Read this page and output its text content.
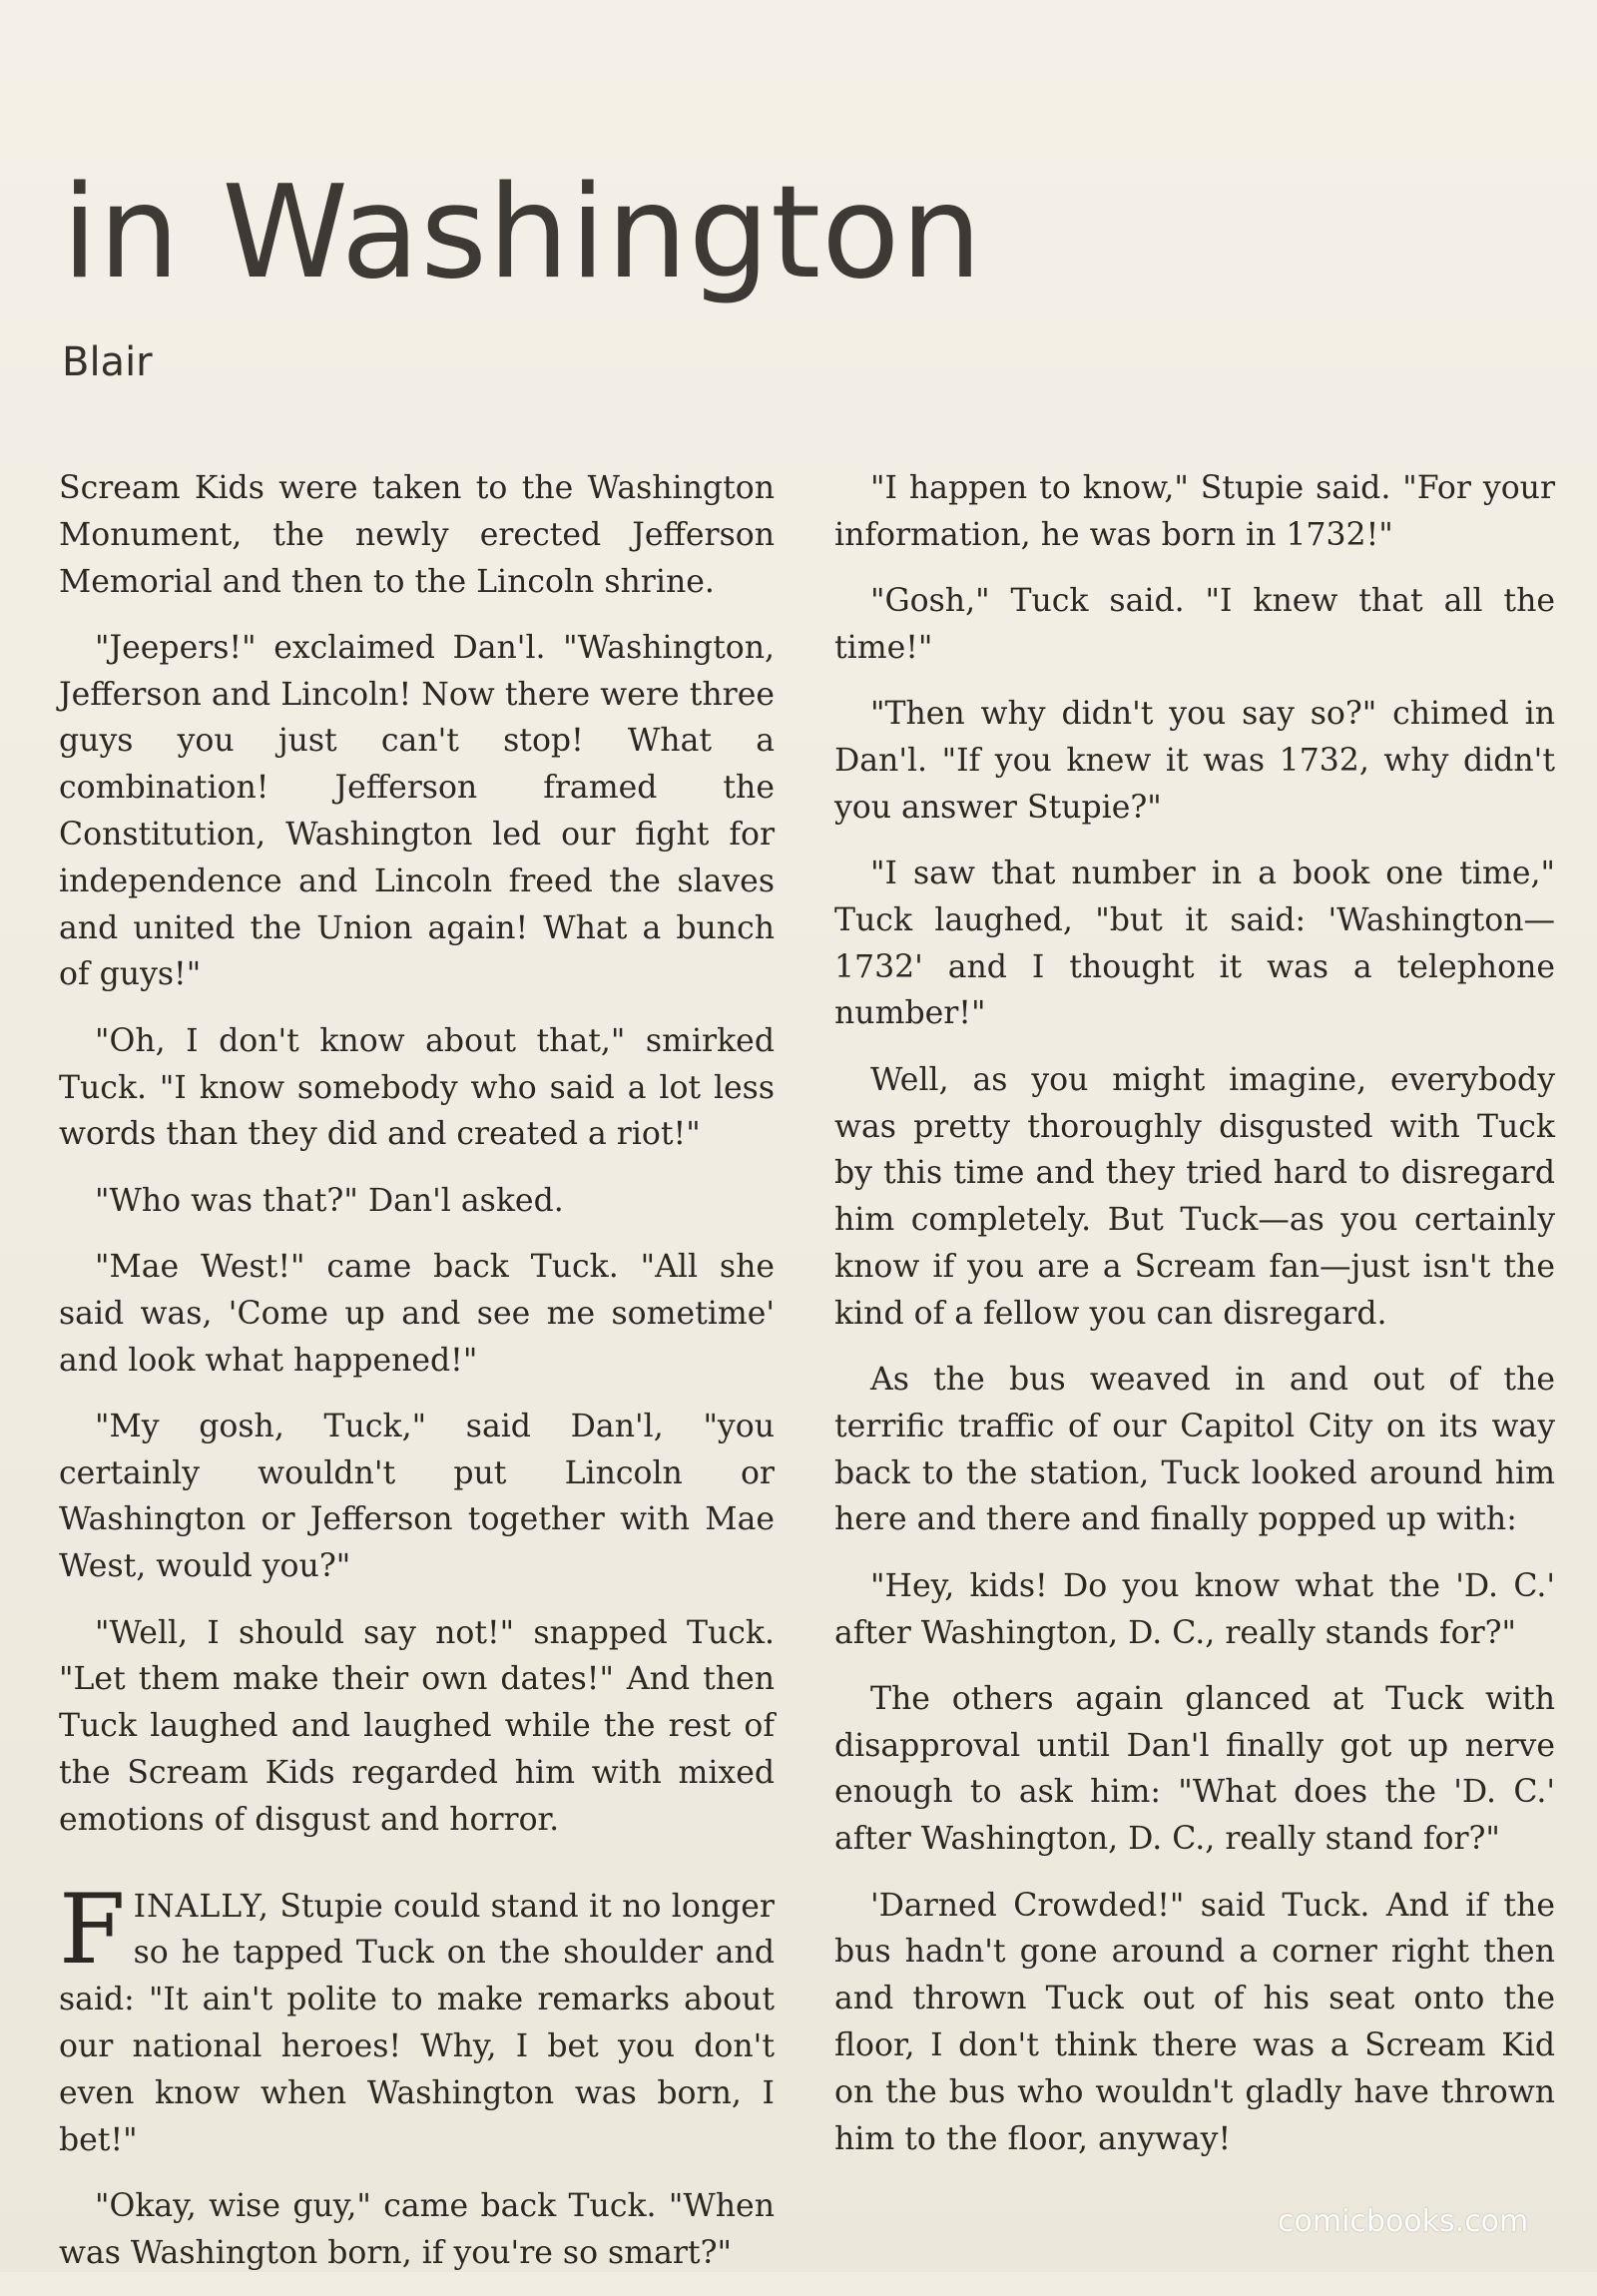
in Washington
Blair

Scream Kids were taken to the Washington Monument, the newly erected Jefferson Memorial and then to the Lincoln shrine.

"Jeepers!" exclaimed Dan'l. "Washington, Jefferson and Lincoln! Now there were three guys you just can't stop! What a combination! Jefferson framed the Constitution, Washington led our fight for independence and Lincoln freed the slaves and united the Union again! What a bunch of guys!"

"Oh, I don't know about that," smirked Tuck. "I know somebody who said a lot less words than they did and created a riot!"

"Who was that?" Dan'l asked.

"Mae West!" came back Tuck. "All she said was, 'Come up and see me sometime' and look what happened!"

"My gosh, Tuck," said Dan'l, "you certainly wouldn't put Lincoln or Washington or Jefferson together with Mae West, would you?"

"Well, I should say not!" snapped Tuck. "Let them make their own dates!" And then Tuck laughed and laughed while the rest of the Scream Kids regarded him with mixed emotions of disgust and horror.

FINALLY, Stupie could stand it no longer so he tapped Tuck on the shoulder and said: "It ain't polite to make remarks about our national heroes! Why, I bet you don't even know when Washington was born, I bet!"

"Okay, wise guy," came back Tuck. "When was Washington born, if you're so smart?"

"I happen to know," Stupie said. "For your information, he was born in 1732!"

"Gosh," Tuck said. "I knew that all the time!"

"Then why didn't you say so?" chimed in Dan'l. "If you knew it was 1732, why didn't you answer Stupie?"

"I saw that number in a book one time," Tuck laughed, "but it said: 'Washington—1732' and I thought it was a telephone number!"

Well, as you might imagine, everybody was pretty thoroughly disgusted with Tuck by this time and they tried hard to disregard him completely. But Tuck—as you certainly know if you are a Scream fan—just isn't the kind of a fellow you can disregard.

As the bus weaved in and out of the terrific traffic of our Capitol City on its way back to the station, Tuck looked around him here and there and finally popped up with:

"Hey, kids! Do you know what the 'D. C.' after Washington, D. C., really stands for?"

The others again glanced at Tuck with disapproval until Dan'l finally got up nerve enough to ask him: "What does the 'D. C.' after Washington, D. C., really stand for?"

'Darned Crowded!" said Tuck. And if the bus hadn't gone around a corner right then and thrown Tuck out of his seat onto the floor, I don't think there was a Scream Kid on the bus who wouldn't gladly have thrown him to the floor, anyway!

comicbooks.com
